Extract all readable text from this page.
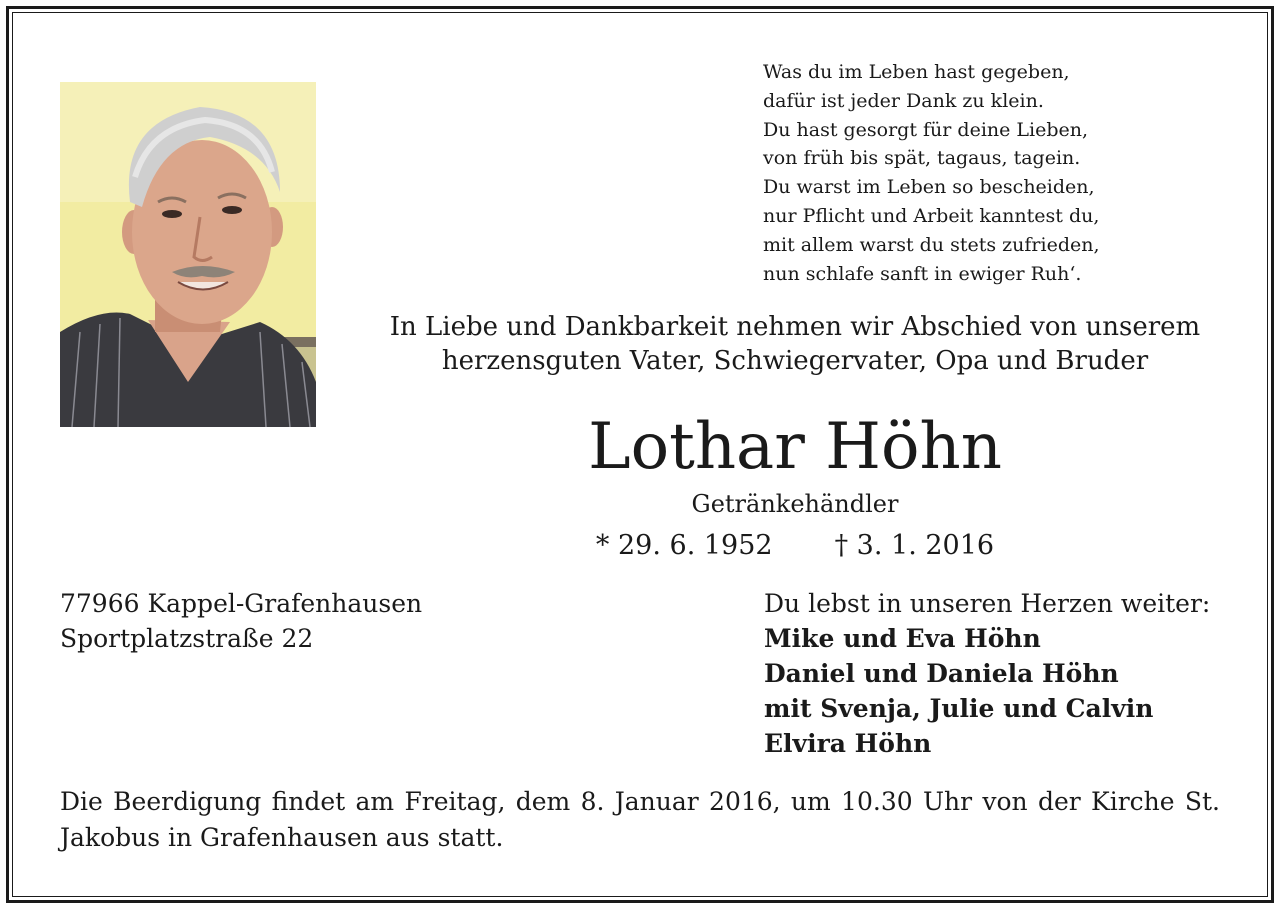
Was du im Leben hast gegeben,
dafür ist jeder Dank zu klein.
Du hast gesorgt für deine Lieben,
von früh bis spät, tagaus, tagein.
Du warst im Leben so bescheiden,
nur Pflicht und Arbeit kanntest du,
mit allem warst du stets zufrieden,
nun schlafe sanft in ewiger Ruh‘.
In Liebe und Dankbarkeit nehmen wir Abschied von unserem
herzensguten Vater, Schwiegervater, Opa und Bruder
Lothar Höhn
Getränkehändler
* 29. 6. 1952 † 3. 1. 2016
77966 Kappel-Grafenhausen
Sportplatzstraße 22
Du lebst in unseren Herzen weiter:
Mike und Eva Höhn
Daniel und Daniela Höhn
mit Svenja, Julie und Calvin
Elvira Höhn
Die Beerdigung findet am Freitag, dem 8. Januar 2016, um 10.30 Uhr von der Kirche St. Jakobus in Grafenhausen aus statt.
